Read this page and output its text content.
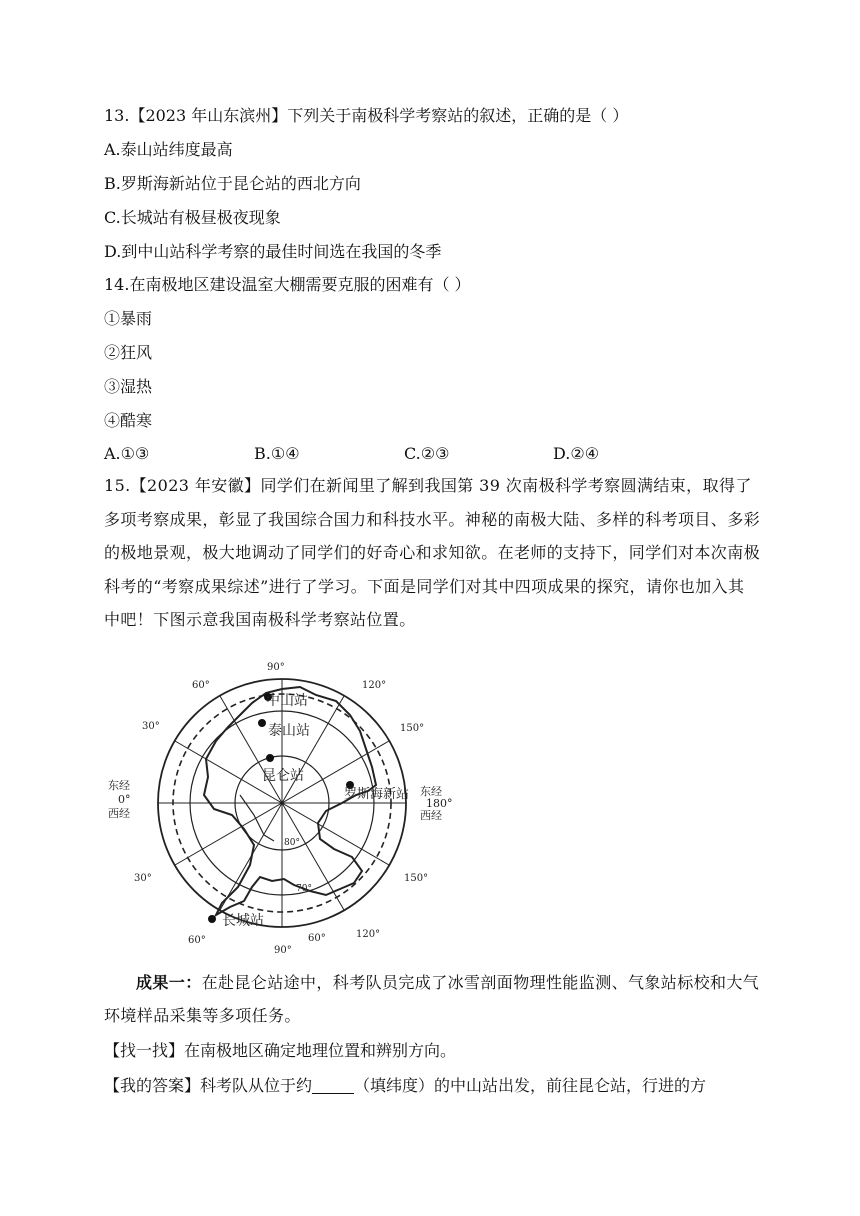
13.【2023 年山东滨州】下列关于南极科学考察站的叙述，正确的是（ ）
A.泰山站纬度最高
B.罗斯海新站位于昆仑站的西北方向
C.长城站有极昼极夜现象
D.到中山站科学考察的最佳时间选在我国的冬季
14.在南极地区建设温室大棚需要克服的困难有（ ）
①暴雨
②狂风
③湿热
④酷寒
A.①③	B.①④	C.②③	D.②④
15.【2023 年安徽】同学们在新闻里了解到我国第 39 次南极科学考察圆满结束，取得了多项考察成果，彰显了我国综合国力和科技水平。神秘的南极大陆、多样的科考项目、多彩的极地景观，极大地调动了同学们的好奇心和求知欲。在老师的支持下，同学们对本次南极科考的“考察成果综述”进行了学习。下面是同学们对其中四项成果的探究，请你也加入其中吧！下图示意我国南极科学考察站位置。
90°
60°	120°
30°	150°
30°	150°
60°
90°
120°
60°
东经
0°
西经
东经
180°
西经
80°
70°
中山站
泰山站
昆仑站
罗斯海新站
长城站
成果一：在赴昆仑站途中，科考队员完成了冰雪剖面物理性能监测、气象站标校和大气环境样品采集等多项任务。
【找一找】在南极地区确定地理位置和辨别方向。
【我的答案】科考队从位于约	（填纬度）的中山站出发，前往昆仑站，行进的方
